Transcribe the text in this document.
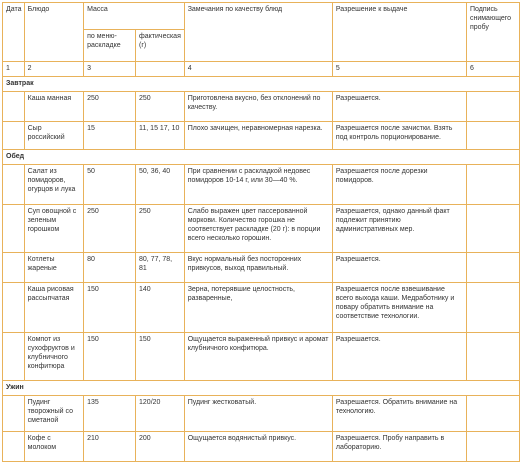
Дата	Блюдо	Масса		Замечания по качеству блюд	Разрешение к выдаче	Подпись снимающего пробу
		по меню-раскладке	фактическая (г)			
1	2	3		4	5	6
Завтрак						
	Каша манная	250	250	Приготовлена вкусно, без отклонений по качеству.	Разрешается.	
	Сыр российский	15	11, 15 17, 10	Плохо зачищен, неравномерная нарезка.	Разрешается после зачистки. Взять под контроль порционирование.	
Обед						
	Салат из помидоров, огурцов и лука	50	50, 36, 40	При сравнении с раскладкой недовес помидоров 10-14 г, или 30—40 %.	Разрешается после дорезки помидоров.	
	Суп овощной с зеленым горошком	250	250	Слабо выражен цвет пассерованной моркови. Количество горошка не соответствует раскладке (20 г): в порции всего несколько горошин.	Разрешается, однако данный факт подлежит принятию административных мер.	
	Котлеты жареные	80	80, 77, 78, 81	Вкус нормальный без посторонних привкусов, выход правильный.	Разрешается.	
	Каша рисовая рассыпчатая	150	140	Зерна, потерявшие целостность, разваренные,	Разрешается после взвешивание всего выхода каши. Медработнику и повару обратить внимание на соответствие технологии.	
	Компот из сухофруктов и клубничного конфитюра	150	150	Ощущается выраженный привкус и аромат клубничного конфитюра.	Разрешается.	
Ужин						
	Пудинг творожный со сметаной	135	120/20	Пудинг жестковатый.	Разрешается. Обратить внимание на технологию.	
	Кофе с молоком	210	200	Ощущается водянистый привкус.	Разрешается. Пробу направить в лабораторию.	
